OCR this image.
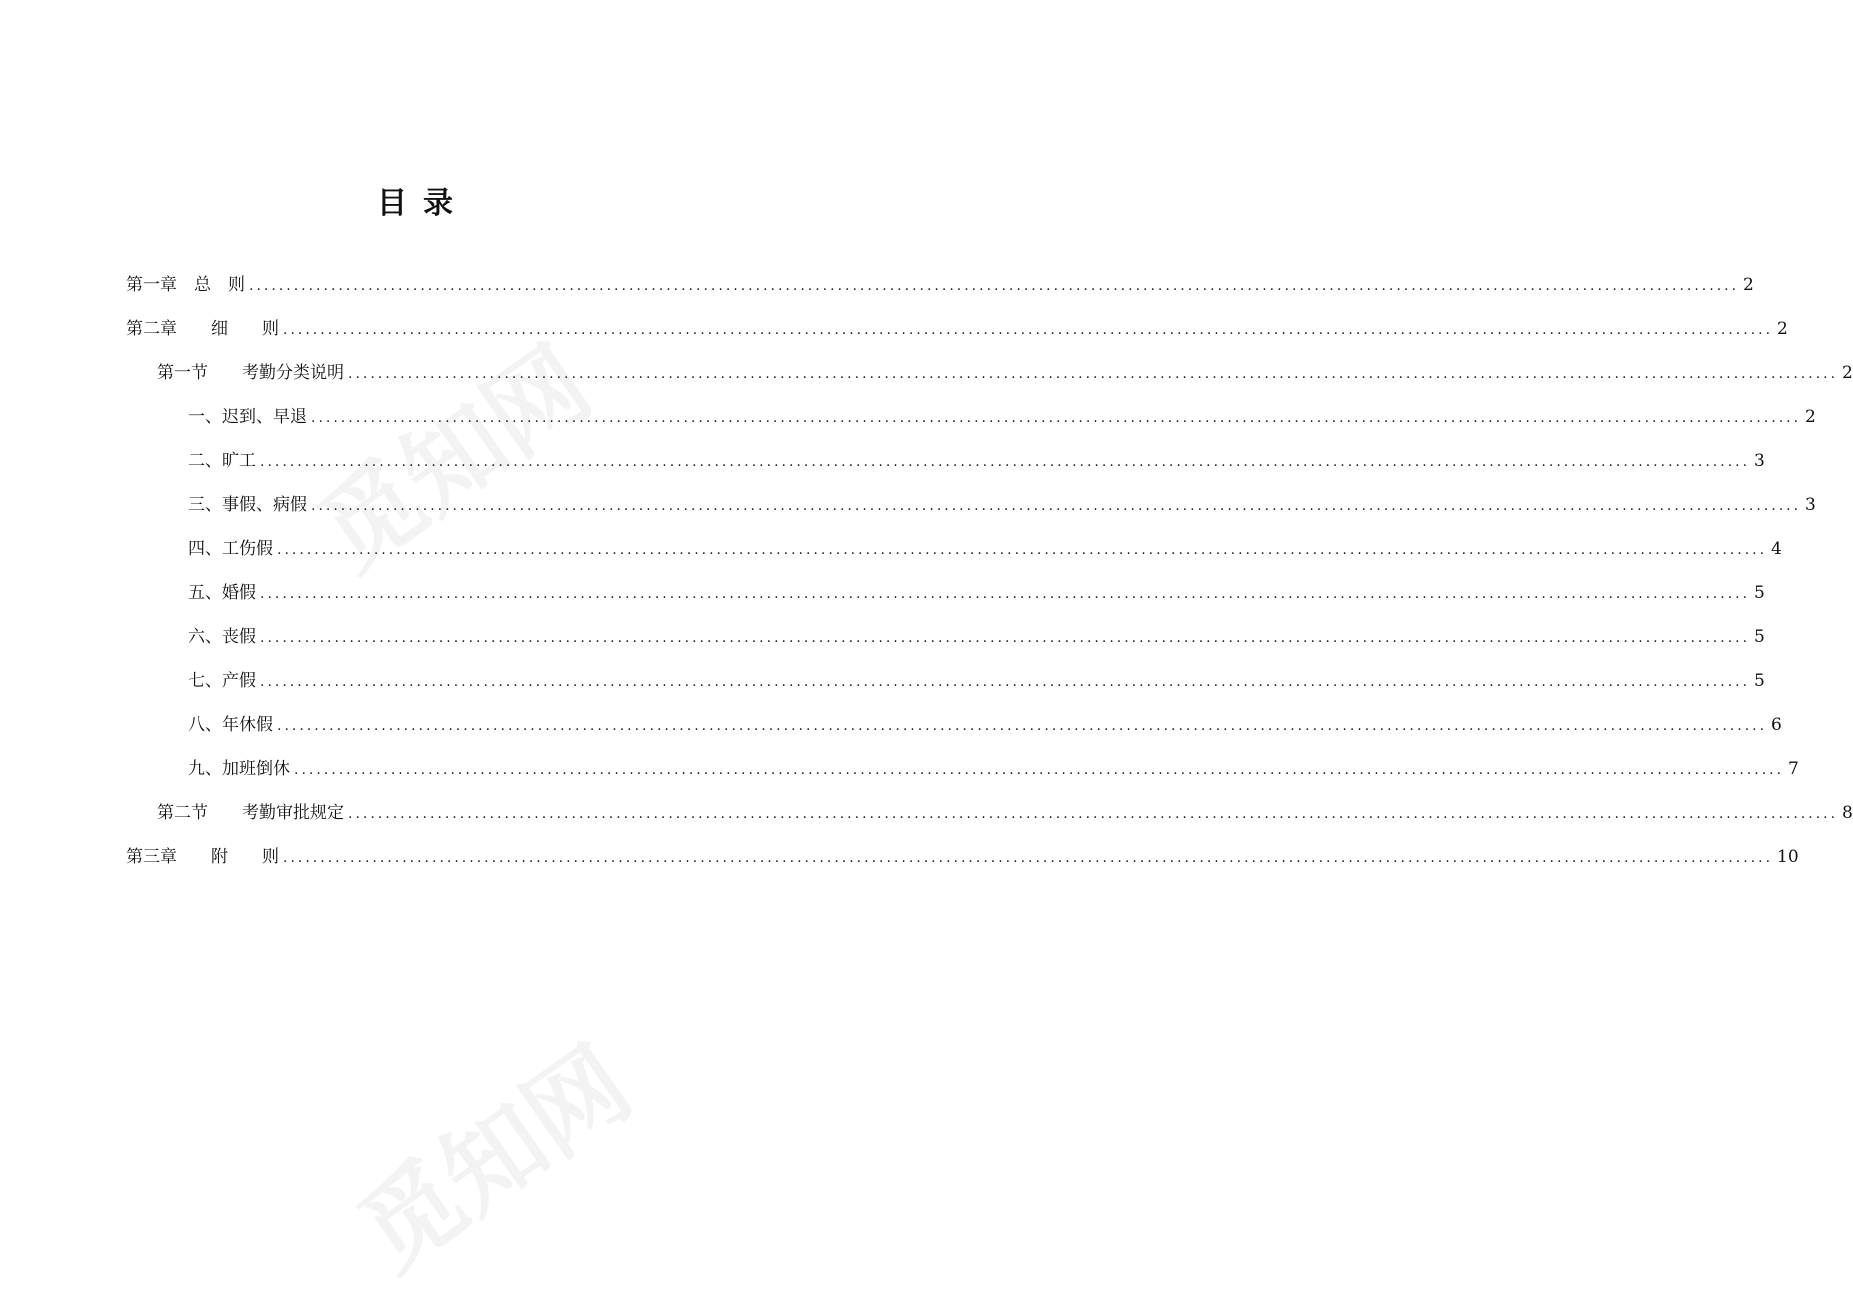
目录
第一章　总　则 ........................................................................................................................................................................................................ 2
第二章　　细　　则 ........................................................................................................................................................................................................ 2
第一节　　考勤分类说明 ........................................................................................................................................................................................................ 2
一、迟到、早退 ........................................................................................................................................................................................................ 2
二、旷工 ........................................................................................................................................................................................................ 3
三、事假、病假 ........................................................................................................................................................................................................ 3
四、工伤假 ........................................................................................................................................................................................................ 4
五、婚假 ........................................................................................................................................................................................................ 5
六、丧假 ........................................................................................................................................................................................................ 5
七、产假 ........................................................................................................................................................................................................ 5
八、年休假 ........................................................................................................................................................................................................ 6
九、加班倒休 ........................................................................................................................................................................................................ 7
第二节　　考勤审批规定 ........................................................................................................................................................................................................ 8
第三章　　附　　则 ........................................................................................................................................................................................................ 10
